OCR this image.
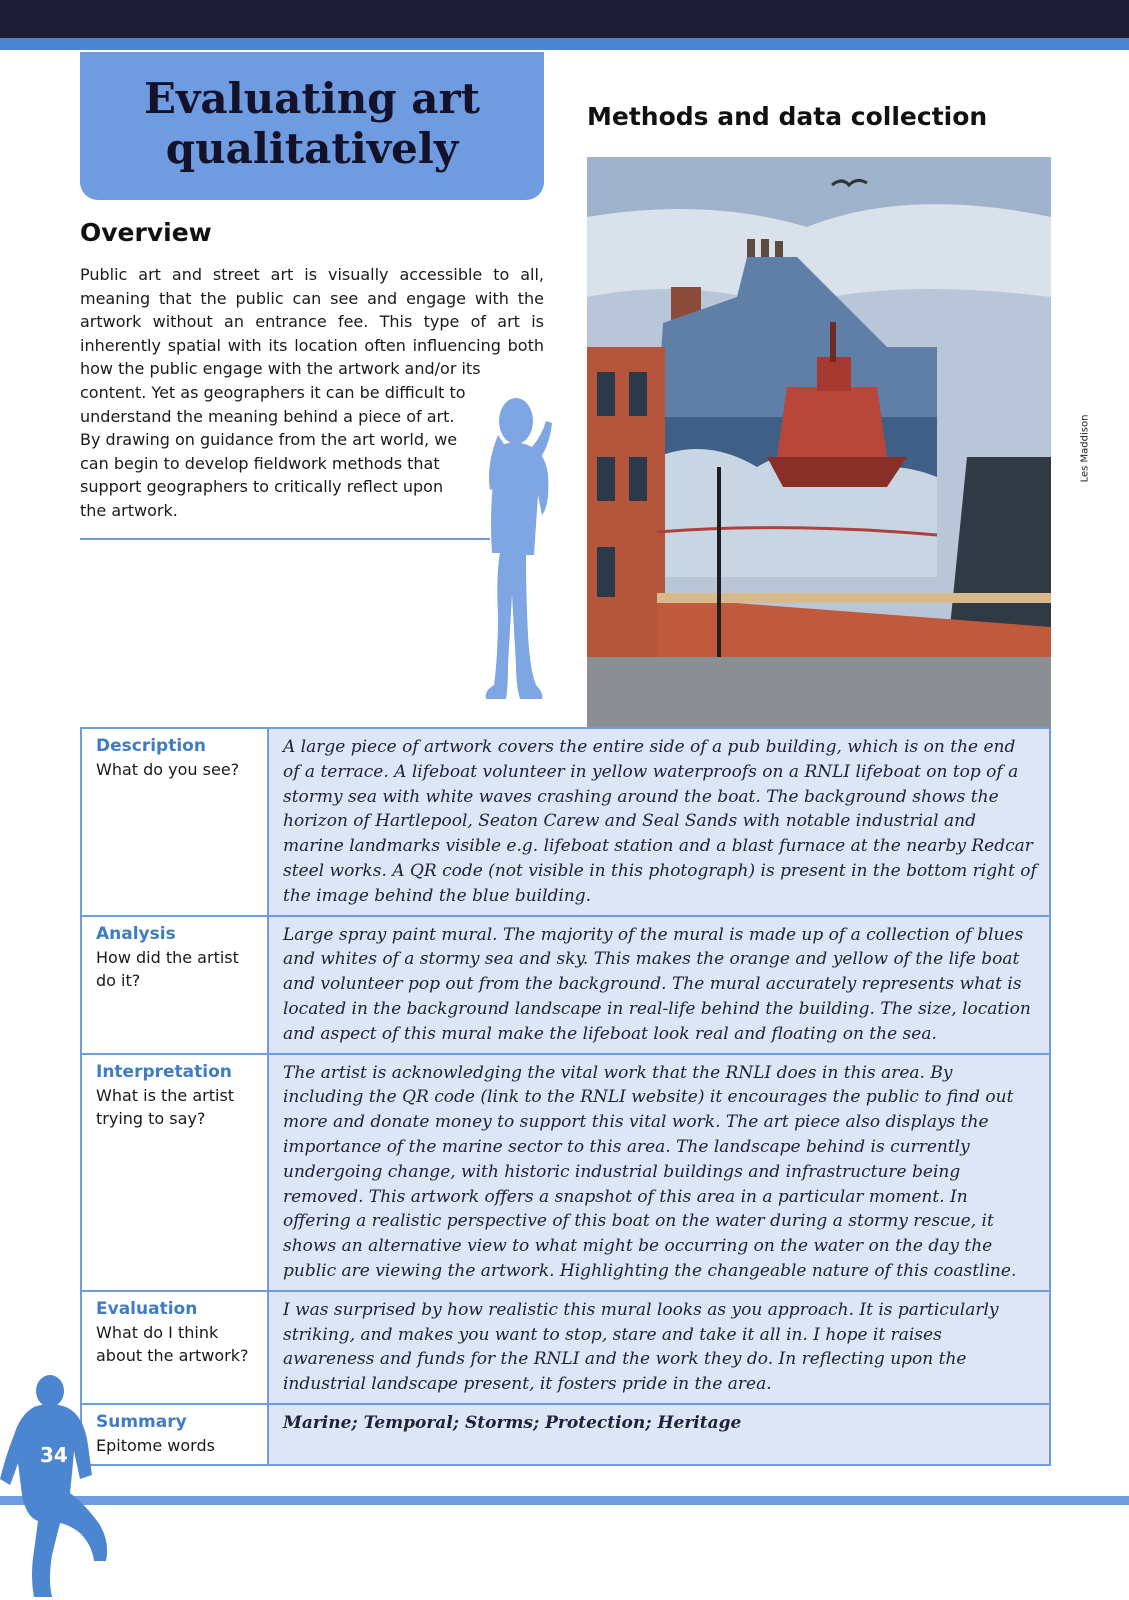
Evaluating art qualitatively
Overview
Public art and street art is visually accessible to all, meaning that the public can see and engage with the artwork without an entrance fee. This type of art is inherently spatial with its location often influencing both how the public engage with the artwork and/or its
content. Yet as geographers it can be difficult to understand the meaning behind a piece of art. By drawing on guidance from the art world, we can begin to develop fieldwork methods that support geographers to critically reflect upon the artwork.
Methods and data collection
Les Maddison
Description
What do you see?	A large piece of artwork covers the entire side of a pub building, which is on the end of a terrace. A lifeboat volunteer in yellow waterproofs on a RNLI lifeboat on top of a stormy sea with white waves crashing around the boat. The background shows the horizon of Hartlepool, Seaton Carew and Seal Sands with notable industrial and marine landmarks visible e.g. lifeboat station and a blast furnace at the nearby Redcar steel works. A QR code (not visible in this photograph) is present in the bottom right of the image behind the blue building.

Analysis
How did the artist do it?	Large spray paint mural. The majority of the mural is made up of a collection of blues and whites of a stormy sea and sky. This makes the orange and yellow of the life boat and volunteer pop out from the background. The mural accurately represents what is located in the background landscape in real-life behind the building. The size, location and aspect of this mural make the lifeboat look real and floating on the sea.

Interpretation
What is the artist trying to say?	The artist is acknowledging the vital work that the RNLI does in this area. By including the QR code (link to the RNLI website) it encourages the public to find out more and donate money to support this vital work. The art piece also displays the importance of the marine sector to this area. The landscape behind is currently undergoing change, with historic industrial buildings and infrastructure being removed. This artwork offers a snapshot of this area in a particular moment. In offering a realistic perspective of this boat on the water during a stormy rescue, it shows an alternative view to what might be occurring on the water on the day the public are viewing the artwork. Highlighting the changeable nature of this coastline.

Evaluation
What do I think about the artwork?	I was surprised by how realistic this mural looks as you approach. It is particularly striking, and makes you want to stop, stare and take it all in. I hope it raises awareness and funds for the RNLI and the work they do. In reflecting upon the industrial landscape present, it fosters pride in the area.

Summary
Epitome words	Marine; Temporal; Storms; Protection; Heritage
34
